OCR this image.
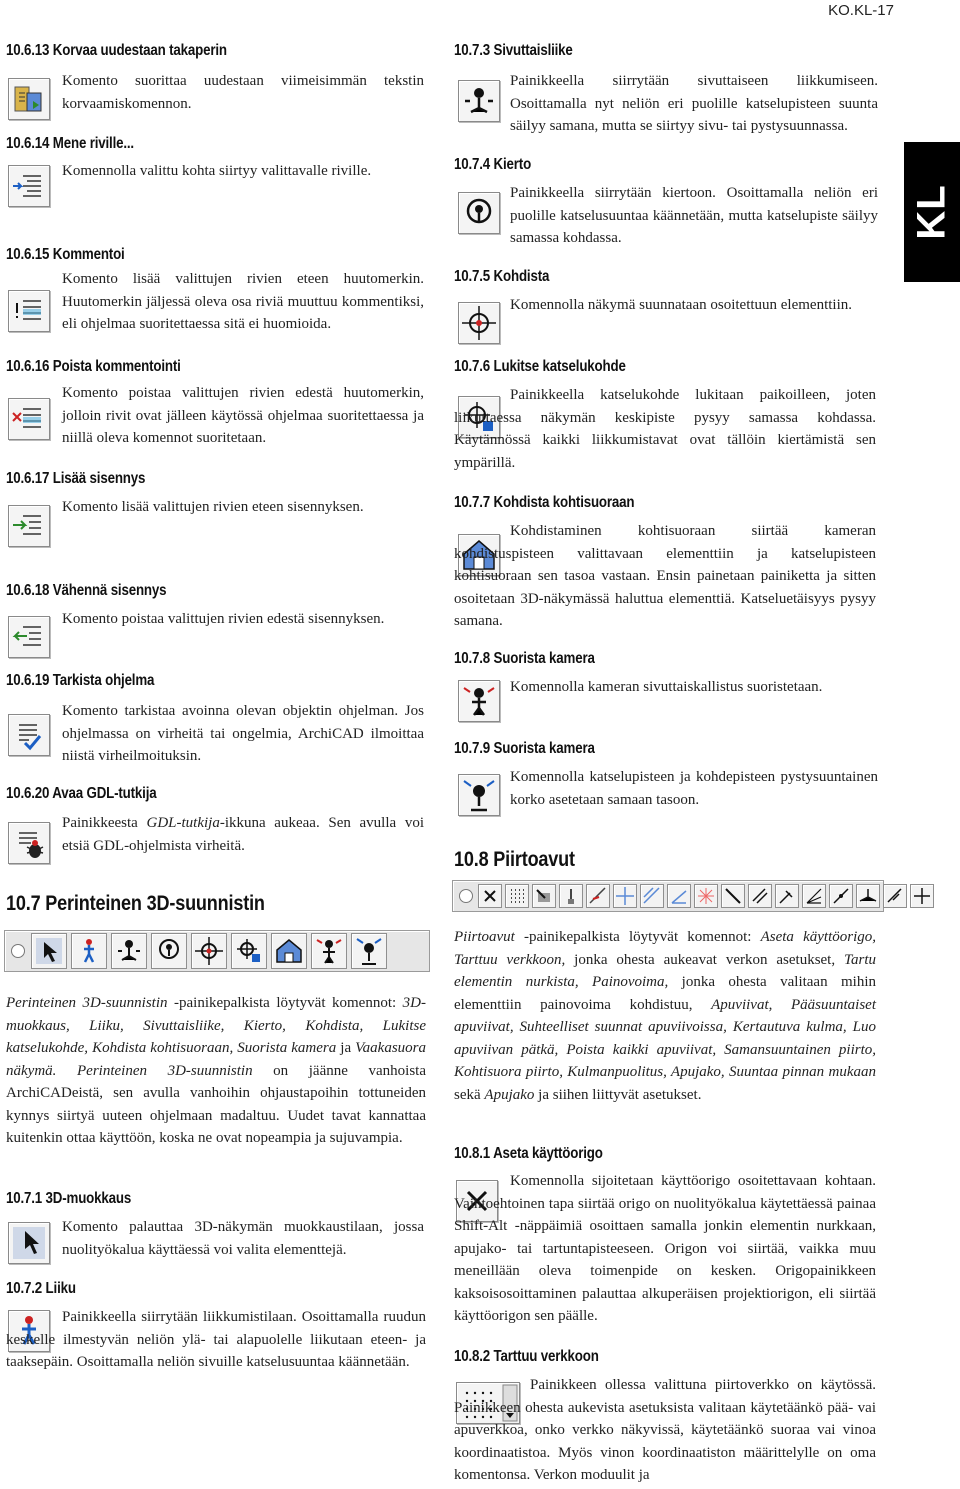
KO.KL-17
KL
10.6.13 Korvaa uudestaan takaperin

Komento suorittaa uudestaan viimeisimmän tekstin korvaamiskomennon.

10.6.14 Mene riville...

Komennolla valittu kohta siirtyy valittavalle riville.

10.6.15 Kommentoi

Komento lisää valittujen rivien eteen huutomerkin. Huutomerkin jäljessä oleva osa riviä muuttuu kommentiksi, eli ohjelmaa suoritettaessa sitä ei huomioida.

10.6.16 Poista kommentointi

Komento poistaa valittujen rivien edestä huutomerkin, jolloin rivit ovat jälleen käytössä ohjelmaa suoritettaessa ja niillä oleva komennot suoritetaan.

10.6.17 Lisää sisennys

Komento lisää valittujen rivien eteen sisennyksen.

10.6.18 Vähennä sisennys

Komento poistaa valittujen rivien edestä sisennyksen.

10.6.19 Tarkista ohjelma

Komento tarkistaa avoinna olevan objektin ohjelman. Jos ohjelmassa on virheitä tai ongelmia, ArchiCAD ilmoittaa niistä virheilmoituksin.

10.6.20 Avaa GDL-tutkija

Painikkeesta GDL-tutkija-ikkuna aukeaa. Sen avulla voi etsiä GDL-ohjelmista virheitä.

10.7 Perinteinen 3D-suunnistin

Perinteinen 3D-suunnistin -painikepalkista löytyvät komennot: 3D-muokkaus, Liiku, Sivuttaisliike, Kierto, Kohdista, Lukitse katselukohde, Kohdista kohtisuoraan, Suorista kamera ja Vaakasuora näkymä. Perinteinen 3D-suunnistin on jäänne vanhoista ArchiCADeistä, sen avulla vanhoihin ohjaustapoihin tottuneiden kynnys siirtyä uuteen ohjelmaan madaltuu. Uudet tavat kannattaa kuitenkin ottaa käyttöön, koska ne ovat nopeampia ja sujuvampia.

10.7.1 3D-muokkaus

Komento palauttaa 3D-näkymän muokkaustilaan, jossa nuolityökalua käyttäessä voi valita elementtejä.

10.7.2 Liiku

Painikkeella siirrytään liikkumistilaan. Osoittamalla ruudun keskelle ilmestyvän neliön ylä- tai alapuolelle liikutaan eteen- ja taaksepäin. Osoittamalla neliön sivuille katselusuuntaa käännetään.

10.7.3 Sivuttaisliike

Painikkeella siirrytään sivuttaiseen liikkumiseen. Osoittamalla nyt neliön eri puolille katselupisteen suunta säilyy samana, mutta se siirtyy sivu- tai pystysuunnassa.

10.7.4 Kierto

Painikkeella siirrytään kiertoon. Osoittamalla neliön eri puolille katselusuuntaa käännetään, mutta katselupiste säilyy samassa kohdassa.

10.7.5 Kohdista

Komennolla näkymä suunnataan osoitettuun elementtiin.

10.7.6 Lukitse katselukohde

Painikkeella katselukohde lukitaan paikoilleen, joten liikuttaessa näkymän keskipiste pysyy samassa kohdassa. Käytännössä kaikki liikkumistavat ovat tällöin kiertämistä sen ympärillä.

10.7.7 Kohdista kohtisuoraan

Kohdistaminen kohtisuoraan siirtää kameran kohdistuspisteen valittavaan elementtiin ja katselupisteen kohtisuoraan sen tasoa vastaan. Ensin painetaan painiketta ja sitten osoitetaan 3D-näkymässä haluttua elementtiä. Katseluetäisyys pysyy samana.

10.7.8 Suorista kamera

Komennolla kameran sivuttaiskallistus suoristetaan.

10.7.9 Suorista kamera

Komennolla katselupisteen ja kohdepisteen pystysuuntainen korko asetetaan samaan tasoon.

10.8 Piirtoavut

Piirtoavut -painikepalkista löytyvät komennot: Aseta käyttöorigo, Tarttuu verkkoon, jonka ohesta aukeavat verkon asetukset, Tartu elementin nurkista, Painovoima, jonka ohesta valitaan mihin elementtiin painovoima kohdistuu, Apuviivat, Pääsuuntaiset apuviivat, Suhteelliset suunnat apuviivoissa, Kertautuva kulma, Luo apuviivan pätkä, Poista kaikki apuviivat, Samansuuntainen piirto, Kohtisuora piirto, Kulmanpuolitus, Apujako, Suuntaa pinnan mukaan sekä Apujako ja siihen liittyvät asetukset.

10.8.1 Aseta käyttöorigo

Komennolla sijoitetaan käyttöorigo osoitettavaan kohtaan. Vaihtoehtoinen tapa siirtää origo on nuolityökalua käytettäessä painaa Shift-Alt -näppäimiä osoittaen samalla jonkin elementin nurkkaan, apujako- tai tartuntapisteeseen. Origon voi siirtää, vaikka muu meneillään oleva toimenpide on kesken. Origopainikkeen kaksoisosoittaminen palauttaa alkuperäisen projektiorigon, eli siirtää käyttöorigon sen päälle.

10.8.2 Tarttuu verkkoon

Painikkeen ollessa valittuna piirtoverkko on käytössä. Painikkeen ohesta aukevista asetuksista valitaan käytetäänkö pää- vai apuverkkoa, onko verkko näkyvissä, käytetäänkö suoraa vai vinoa koordinaatistoa. Myös vinon koordinaatiston määrittelylle on oma komentonsa. Verkon moduulit ja
